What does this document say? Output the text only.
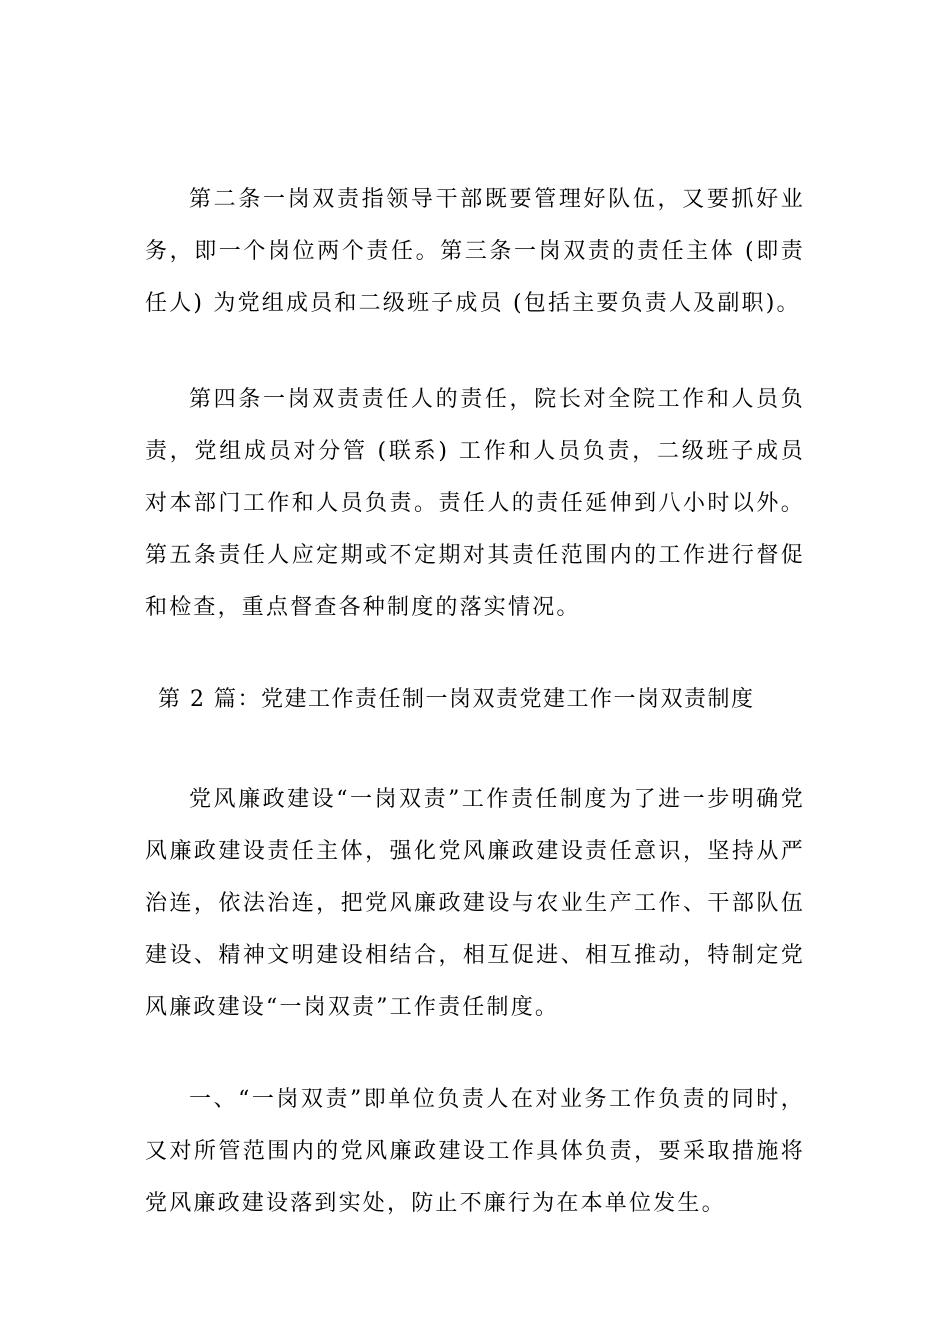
第二条一岗双责指领导干部既要管理好队伍，又要抓好业务，即一个岗位两个责任。第三条一岗双责的责任主体 (即责任人) 为党组成员和二级班子成员 (包括主要负责人及副职)。

第四条一岗双责责任人的责任，院长对全院工作和人员负责，党组成员对分管 (联系) 工作和人员负责，二级班子成员对本部门工作和人员负责。责任人的责任延伸到八小时以外。第五条责任人应定期或不定期对其责任范围内的工作进行督促和检查，重点督查各种制度的落实情况。

第 2 篇：党建工作责任制一岗双责党建工作一岗双责制度

党风廉政建设“一岗双责”工作责任制度为了进一步明确党风廉政建设责任主体，强化党风廉政建设责任意识，坚持从严治连，依法治连，把党风廉政建设与农业生产工作、干部队伍建设、精神文明建设相结合，相互促进、相互推动，特制定党风廉政建设“一岗双责”工作责任制度。

一、“一岗双责”即单位负责人在对业务工作负责的同时，又对所管范围内的党风廉政建设工作具体负责，要采取措施将党风廉政建设落到实处，防止不廉行为在本单位发生。
